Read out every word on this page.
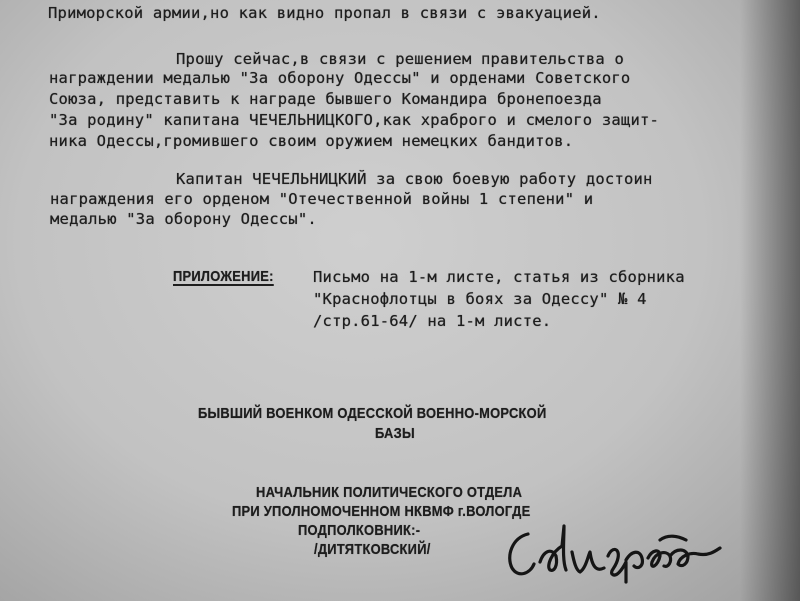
Приморской армии,но как видно пропал в связи с эвакуацией.
Прошу сейчас,в связи с решением правительства о
награждении медалью "За оборону Одессы" и орденами Советского
Союза, представить к награде бывшего Командира бронепоезда
"За родину" капитана ЧЕЧЕЛЬНИЦКОГО,как храброго и смелого защит-
ника Одессы,громившего своим оружием немецких бандитов.
Капитан ЧЕЧЕЛЬНИЦКИЙ за свою боевую работу достоин
награждения его орденом "Отечественной войны 1 степени" и
медалью "За оборону Одессы".
ПРИЛОЖЕНИЕ:	Письмо на 1-м листе, статья из сборника
"Краснофлотцы в боях за Одессу" № 4
/стр.61-64/ на 1-м листе.
БЫВШИЙ ВОЕНКОМ ОДЕССКОЙ ВОЕННО-МОРСКОЙ
БАЗЫ
НАЧАЛЬНИК ПОЛИТИЧЕСКОГО ОТДЕЛА
ПРИ УПОЛНОМОЧЕННОМ НКВМФ г.ВОЛОГДЕ
ПОДПОЛКОВНИК:-
/ДИТЯТКОВСКИЙ/
